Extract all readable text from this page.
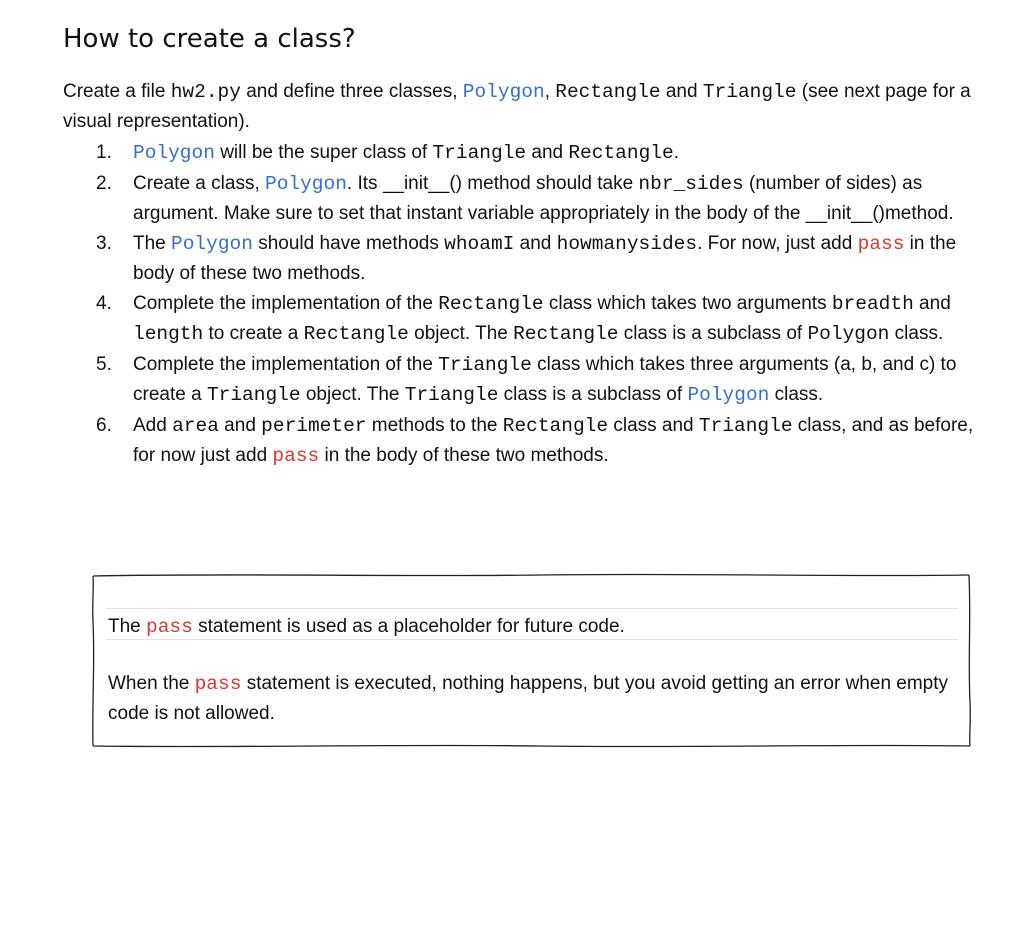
How to create a class?

Create a file hw2.py and define three classes, Polygon, Rectangle and Triangle (see next page for a visual representation).

1. Polygon will be the super class of Triangle and Rectangle.
2. Create a class, Polygon. Its __init__() method should take nbr_sides (number of sides) as argument. Make sure to set that instant variable appropriately in the body of the __init__()method.
3. The Polygon should have methods whoamI and howmanysides. For now, just add pass in the body of these two methods.
4. Complete the implementation of the Rectangle class which takes two arguments breadth and length to create a Rectangle object. The Rectangle class is a subclass of Polygon class.
5. Complete the implementation of the Triangle class which takes three arguments (a, b, and c) to create a Triangle object. The Triangle class is a subclass of Polygon class.
6. Add area and perimeter methods to the Rectangle class and Triangle class, and as before, for now just add pass in the body of these two methods.

The pass statement is used as a placeholder for future code.

When the pass statement is executed, nothing happens, but you avoid getting an error when empty code is not allowed.
